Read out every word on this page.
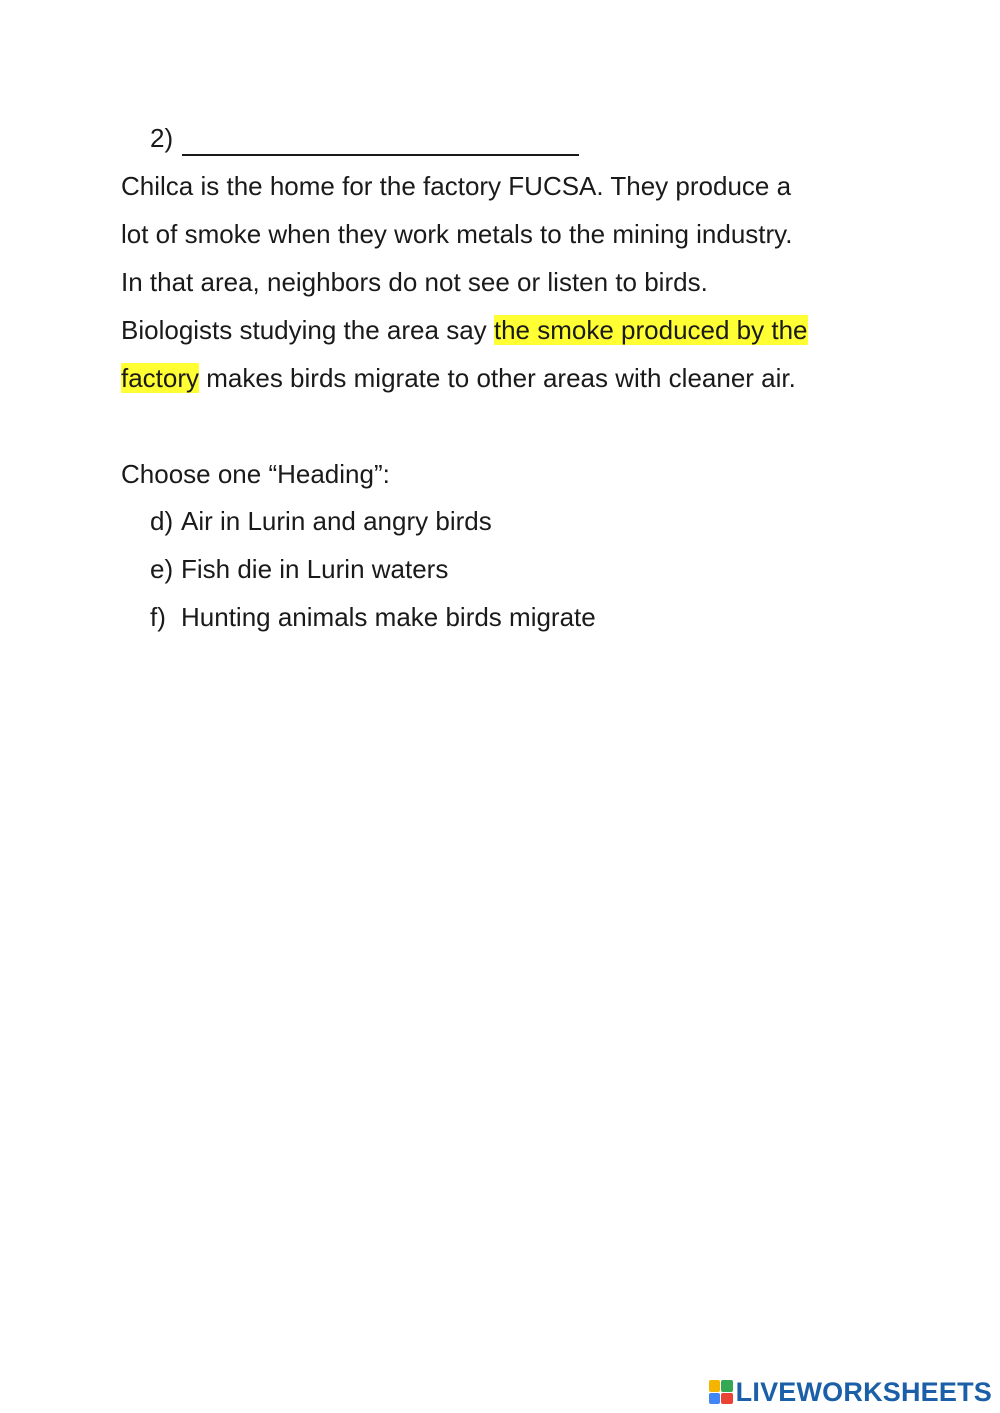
2)
Chilca is the home for the factory FUCSA. They produce a
lot of smoke when they work metals to the mining industry.
In that area, neighbors do not see or listen to birds.
Biologists studying the area say the smoke produced by the
factory makes birds migrate to other areas with cleaner air.
Choose one “Heading”:
d) Air in Lurin and angry birds
e) Fish die in Lurin waters
f) Hunting animals make birds migrate
LIVEWORKSHEETS
